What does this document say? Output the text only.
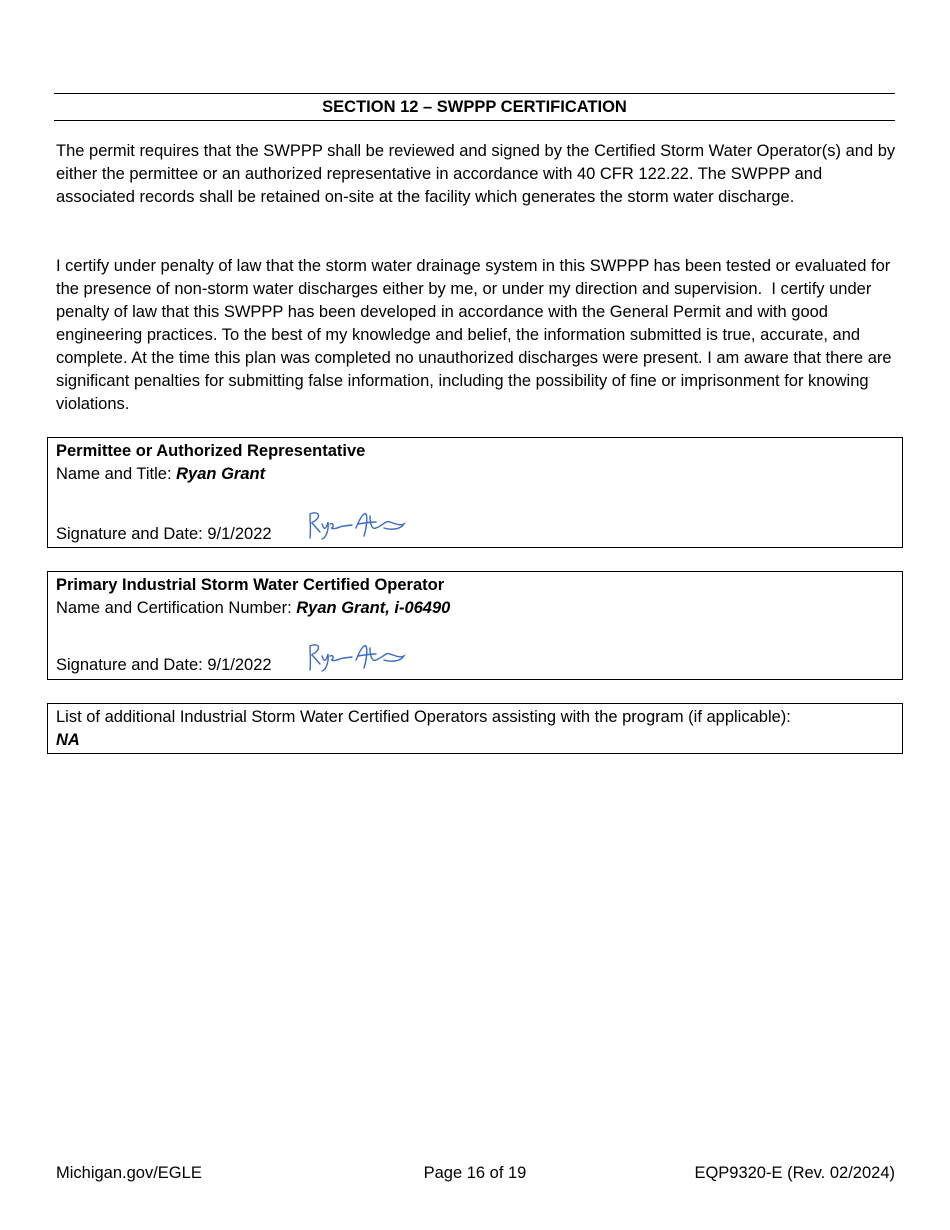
SECTION 12 – SWPPP CERTIFICATION

The permit requires that the SWPPP shall be reviewed and signed by the Certified Storm Water Operator(s) and by either the permittee or an authorized representative in accordance with 40 CFR 122.22. The SWPPP and associated records shall be retained on-site at the facility which generates the storm water discharge.

I certify under penalty of law that the storm water drainage system in this SWPPP has been tested or evaluated for the presence of non-storm water discharges either by me, or under my direction and supervision.  I certify under penalty of law that this SWPPP has been developed in accordance with the General Permit and with good engineering practices. To the best of my knowledge and belief, the information submitted is true, accurate, and complete. At the time this plan was completed no unauthorized discharges were present. I am aware that there are significant penalties for submitting false information, including the possibility of fine or imprisonment for knowing violations.

Permittee or Authorized Representative
Name and Title: Ryan Grant
Signature and Date: 9/1/2022
Primary Industrial Storm Water Certified Operator
Name and Certification Number: Ryan Grant, i-06490
Signature and Date: 9/1/2022
List of additional Industrial Storm Water Certified Operators assisting with the program (if applicable):
NA
Michigan.gov/EGLE	Page 16 of 19	EQP9320-E (Rev. 02/2024)
